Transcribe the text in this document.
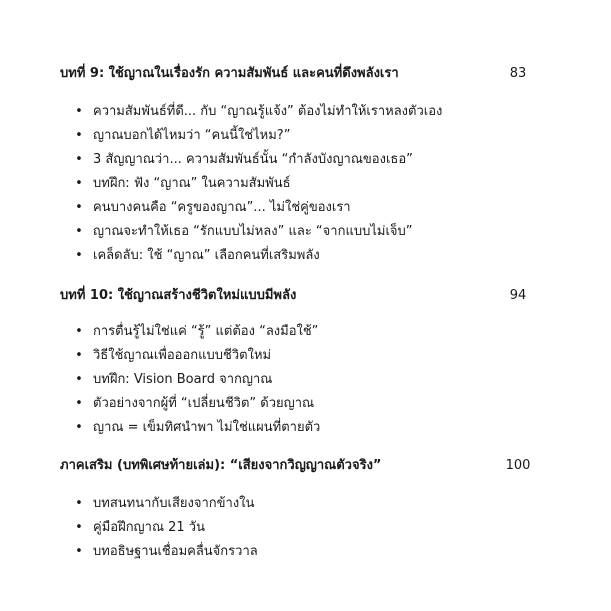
บทที่ 9: ใช้ญาณในเรื่องรัก ความสัมพันธ์ และคนที่ดึงพลังเรา	83
• ความสัมพันธ์ที่ดี... กับ “ญาณรู้แจ้ง” ต้องไม่ทำให้เราหลงตัวเอง
• ญาณบอกได้ไหมว่า “คนนี้ใช่ไหม?”
• 3 สัญญาณว่า... ความสัมพันธ์นั้น “กำลังบังญาณของเธอ”
• บทฝึก: ฟัง “ญาณ” ในความสัมพันธ์
• คนบางคนคือ “ครูของญาณ”... ไม่ใช่คู่ของเรา
• ญาณจะทำให้เธอ “รักแบบไม่หลง” และ “จากแบบไม่เจ็บ”
• เคล็ดลับ: ใช้ “ญาณ” เลือกคนที่เสริมพลัง
บทที่ 10: ใช้ญาณสร้างชีวิตใหม่แบบมีพลัง	94
• การตื่นรู้ไม่ใช่แค่ “รู้” แต่ต้อง “ลงมือใช้”
• วิธีใช้ญาณเพื่อออกแบบชีวิตใหม่
• บทฝึก: Vision Board จากญาณ
• ตัวอย่างจากผู้ที่ “เปลี่ยนชีวิต” ด้วยญาณ
• ญาณ = เข็มทิศนำพา ไม่ใช่แผนที่ตายตัว
ภาคเสริม (บทพิเศษท้ายเล่ม): “เสียงจากวิญญาณตัวจริง”	100
• บทสนทนากับเสียงจากข้างใน
• คู่มือฝึกญาณ 21 วัน
• บทอธิษฐานเชื่อมคลื่นจักรวาล
